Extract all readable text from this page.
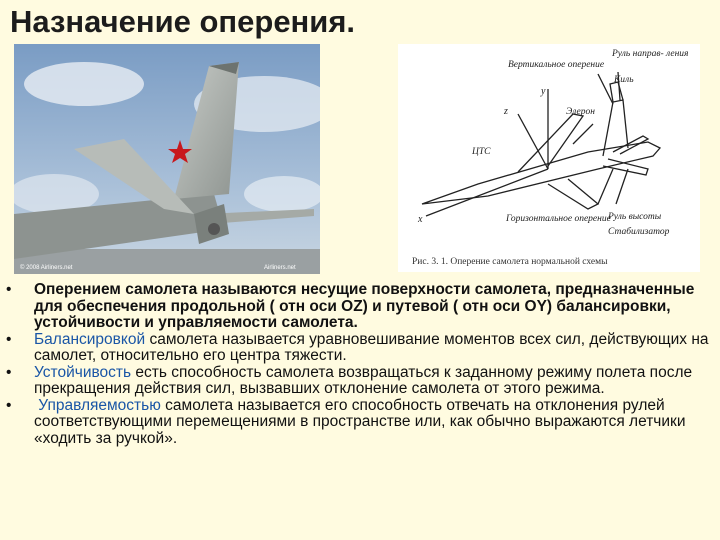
Назначение оперения.
© 2008 Airliners.net	Airliners.net
Вертикальное оперение
Руль направ- ления
Киль
y
z	Элерон
ЦТС
x	Горизонтальное оперение
Руль высоты
Стабилизатор
Рис. 3. 1. Оперение самолета нормальной схемы
• Оперением самолета называются несущие поверхности самолета, предназначенные для обеспечения продольной ( отн оси OZ) и путевой ( отн оси OY) балансировки, устойчивости и управляемости самолета.
• Балансировкой самолета называется уравновешивание моментов всех сил, действующих на самолет, относительно его центра тяжести.
• Устойчивость есть способность самолета возвращаться к заданному режиму полета после прекращения действия сил, вызвавших отклонение самолета от этого режима.
• Управляемостью самолета называется его способность отвечать на отклонения рулей соответствующими перемещениями в пространстве или, как обычно выражаются летчики «ходить за ручкой».
